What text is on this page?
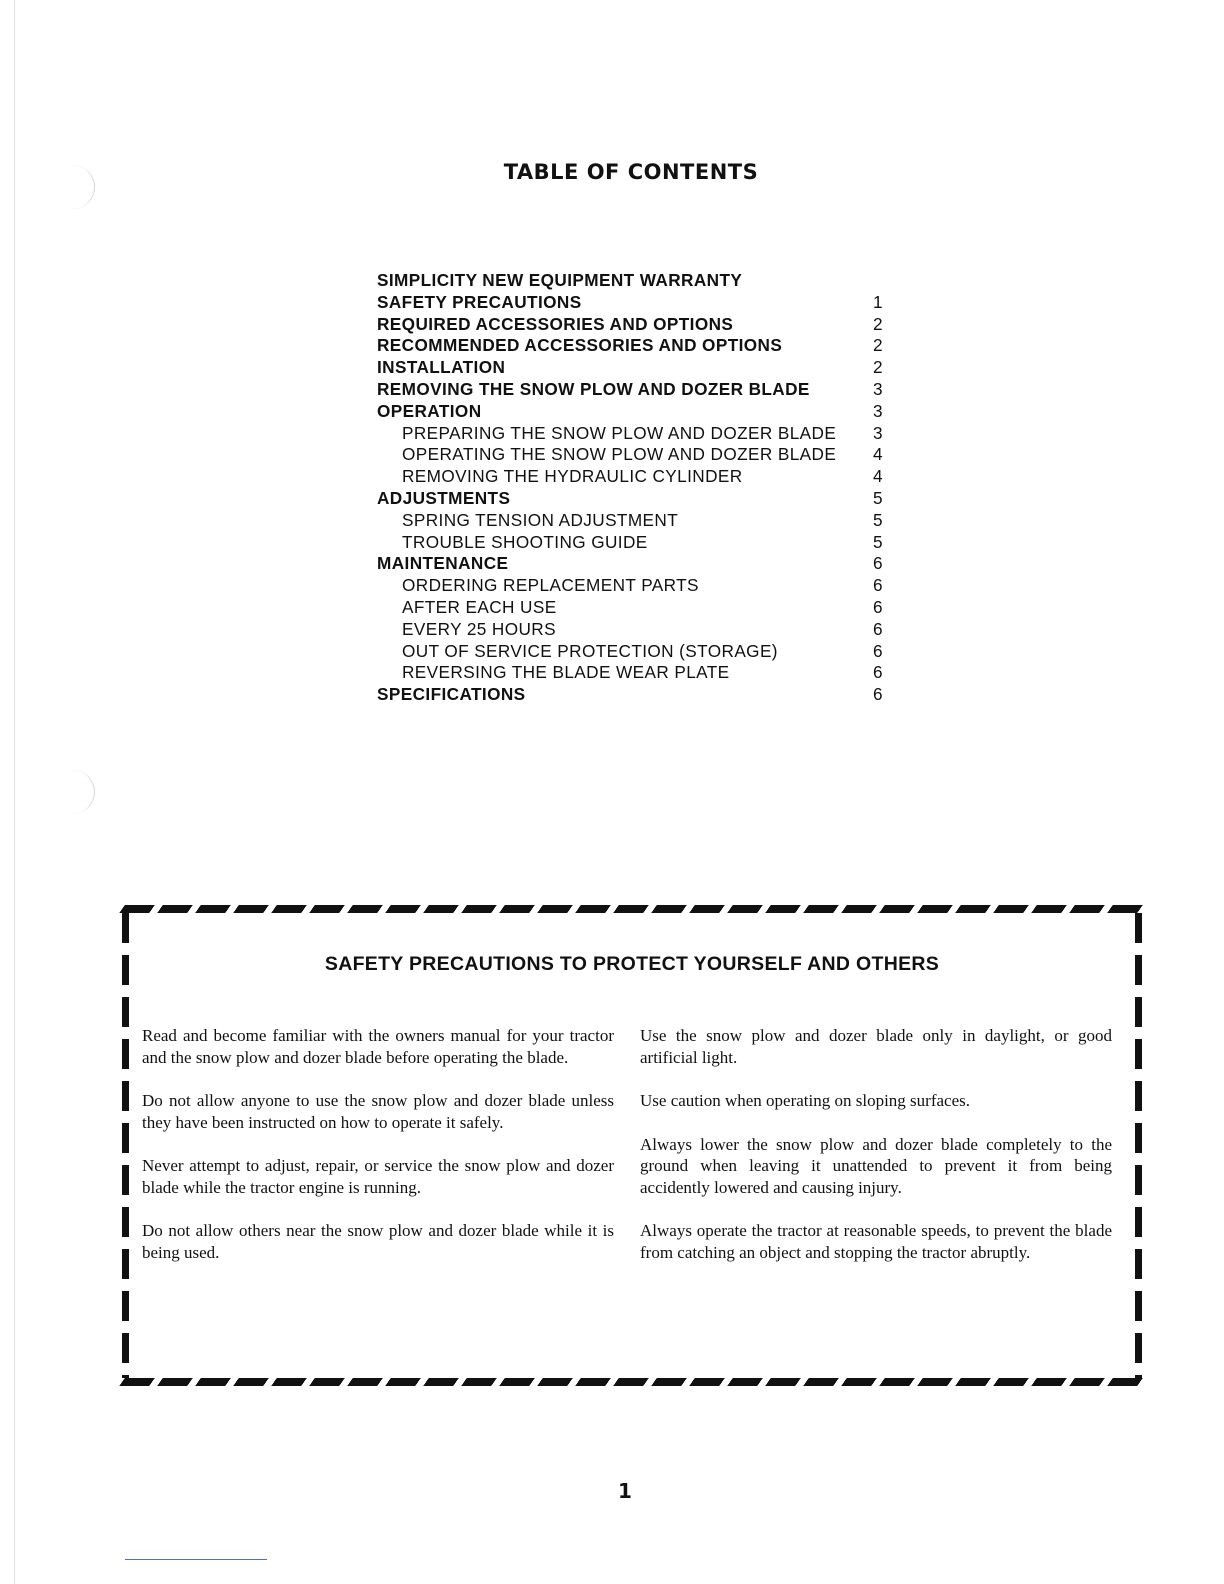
TABLE OF CONTENTS
SIMPLICITY NEW EQUIPMENT WARRANTY
SAFETY PRECAUTIONS	1
REQUIRED ACCESSORIES AND OPTIONS	2
RECOMMENDED ACCESSORIES AND OPTIONS	2
INSTALLATION	2
REMOVING THE SNOW PLOW AND DOZER BLADE	3
OPERATION	3
PREPARING THE SNOW PLOW AND DOZER BLADE 3
OPERATING THE SNOW PLOW AND DOZER BLADE 4
REMOVING THE HYDRAULIC CYLINDER	4
ADJUSTMENTS	5
SPRING TENSION ADJUSTMENT	5
TROUBLE SHOOTING GUIDE	5
MAINTENANCE	6
ORDERING REPLACEMENT PARTS	6
AFTER EACH USE	6
EVERY 25 HOURS	6
OUT OF SERVICE PROTECTION (STORAGE)	6
REVERSING THE BLADE WEAR PLATE	6
SPECIFICATIONS	6
SAFETY PRECAUTIONS TO PROTECT YOURSELF AND OTHERS

Read and become familiar with the owners manual for your tractor and the snow plow and dozer blade before operating the blade.

Do not allow anyone to use the snow plow and dozer blade unless they have been instructed on how to operate it safely.

Never attempt to adjust, repair, or service the snow plow and dozer blade while the tractor engine is running.

Do not allow others near the snow plow and dozer blade while it is being used.

Use the snow plow and dozer blade only in daylight, or good artificial light.

Use caution when operating on sloping surfaces.

Always lower the snow plow and dozer blade completely to the ground when leaving it unattended to prevent it from being accidently lowered and causing injury.

Always operate the tractor at reasonable speeds, to prevent the blade from catching an object and stopping the tractor abruptly.

1
